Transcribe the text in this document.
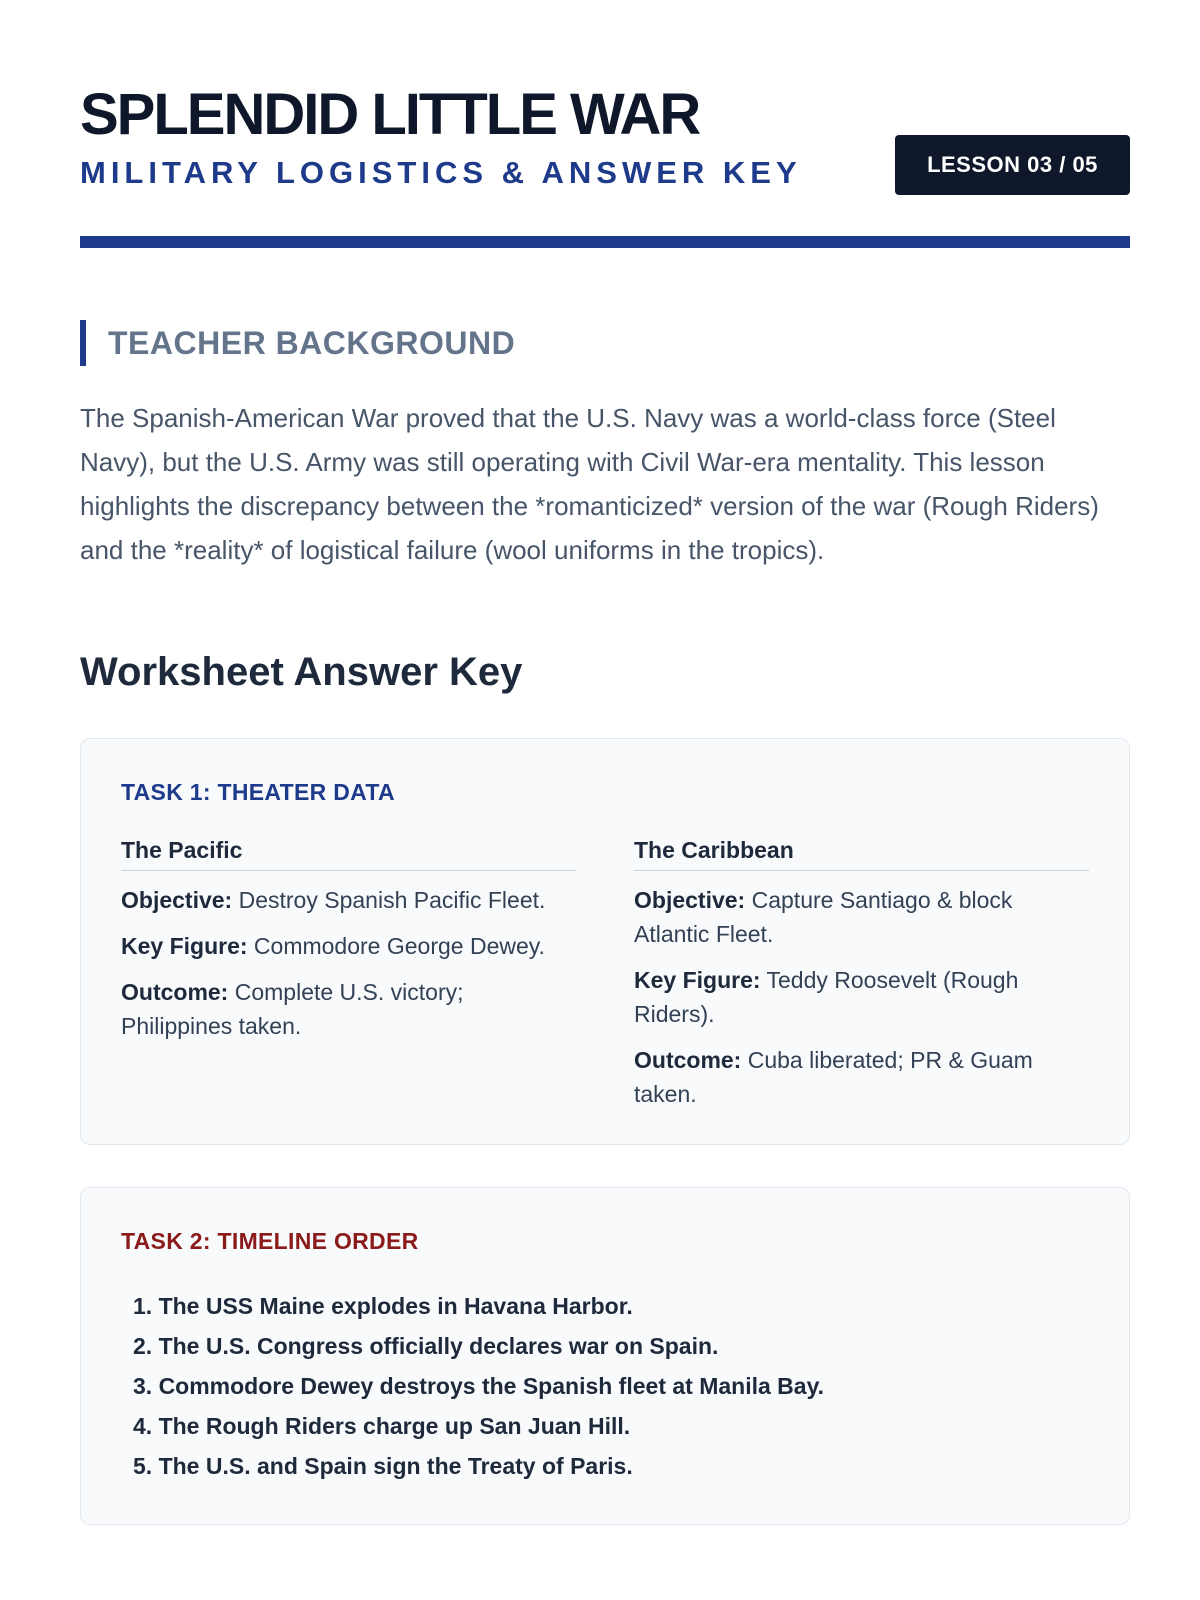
SPLENDID LITTLE WAR
MILITARY LOGISTICS & ANSWER KEY	LESSON 03 / 05
TEACHER BACKGROUND

The Spanish-American War proved that the U.S. Navy was a world-class force (Steel Navy), but the U.S. Army was still operating with Civil War-era mentality. This lesson highlights the discrepancy between the *romanticized* version of the war (Rough Riders) and the *reality* of logistical failure (wool uniforms in the tropics).

Worksheet Answer Key
TASK 1: THEATER DATA
The Pacific
Objective: Destroy Spanish Pacific Fleet.
Key Figure: Commodore George Dewey.
Outcome: Complete U.S. victory; Philippines taken.
The Caribbean
Objective: Capture Santiago & block Atlantic Fleet.
Key Figure: Teddy Roosevelt (Rough Riders).
Outcome: Cuba liberated; PR & Guam taken.
TASK 2: TIMELINE ORDER
1. The USS Maine explodes in Havana Harbor.
2. The U.S. Congress officially declares war on Spain.
3. Commodore Dewey destroys the Spanish fleet at Manila Bay.
4. The Rough Riders charge up San Juan Hill.
5. The U.S. and Spain sign the Treaty of Paris.
